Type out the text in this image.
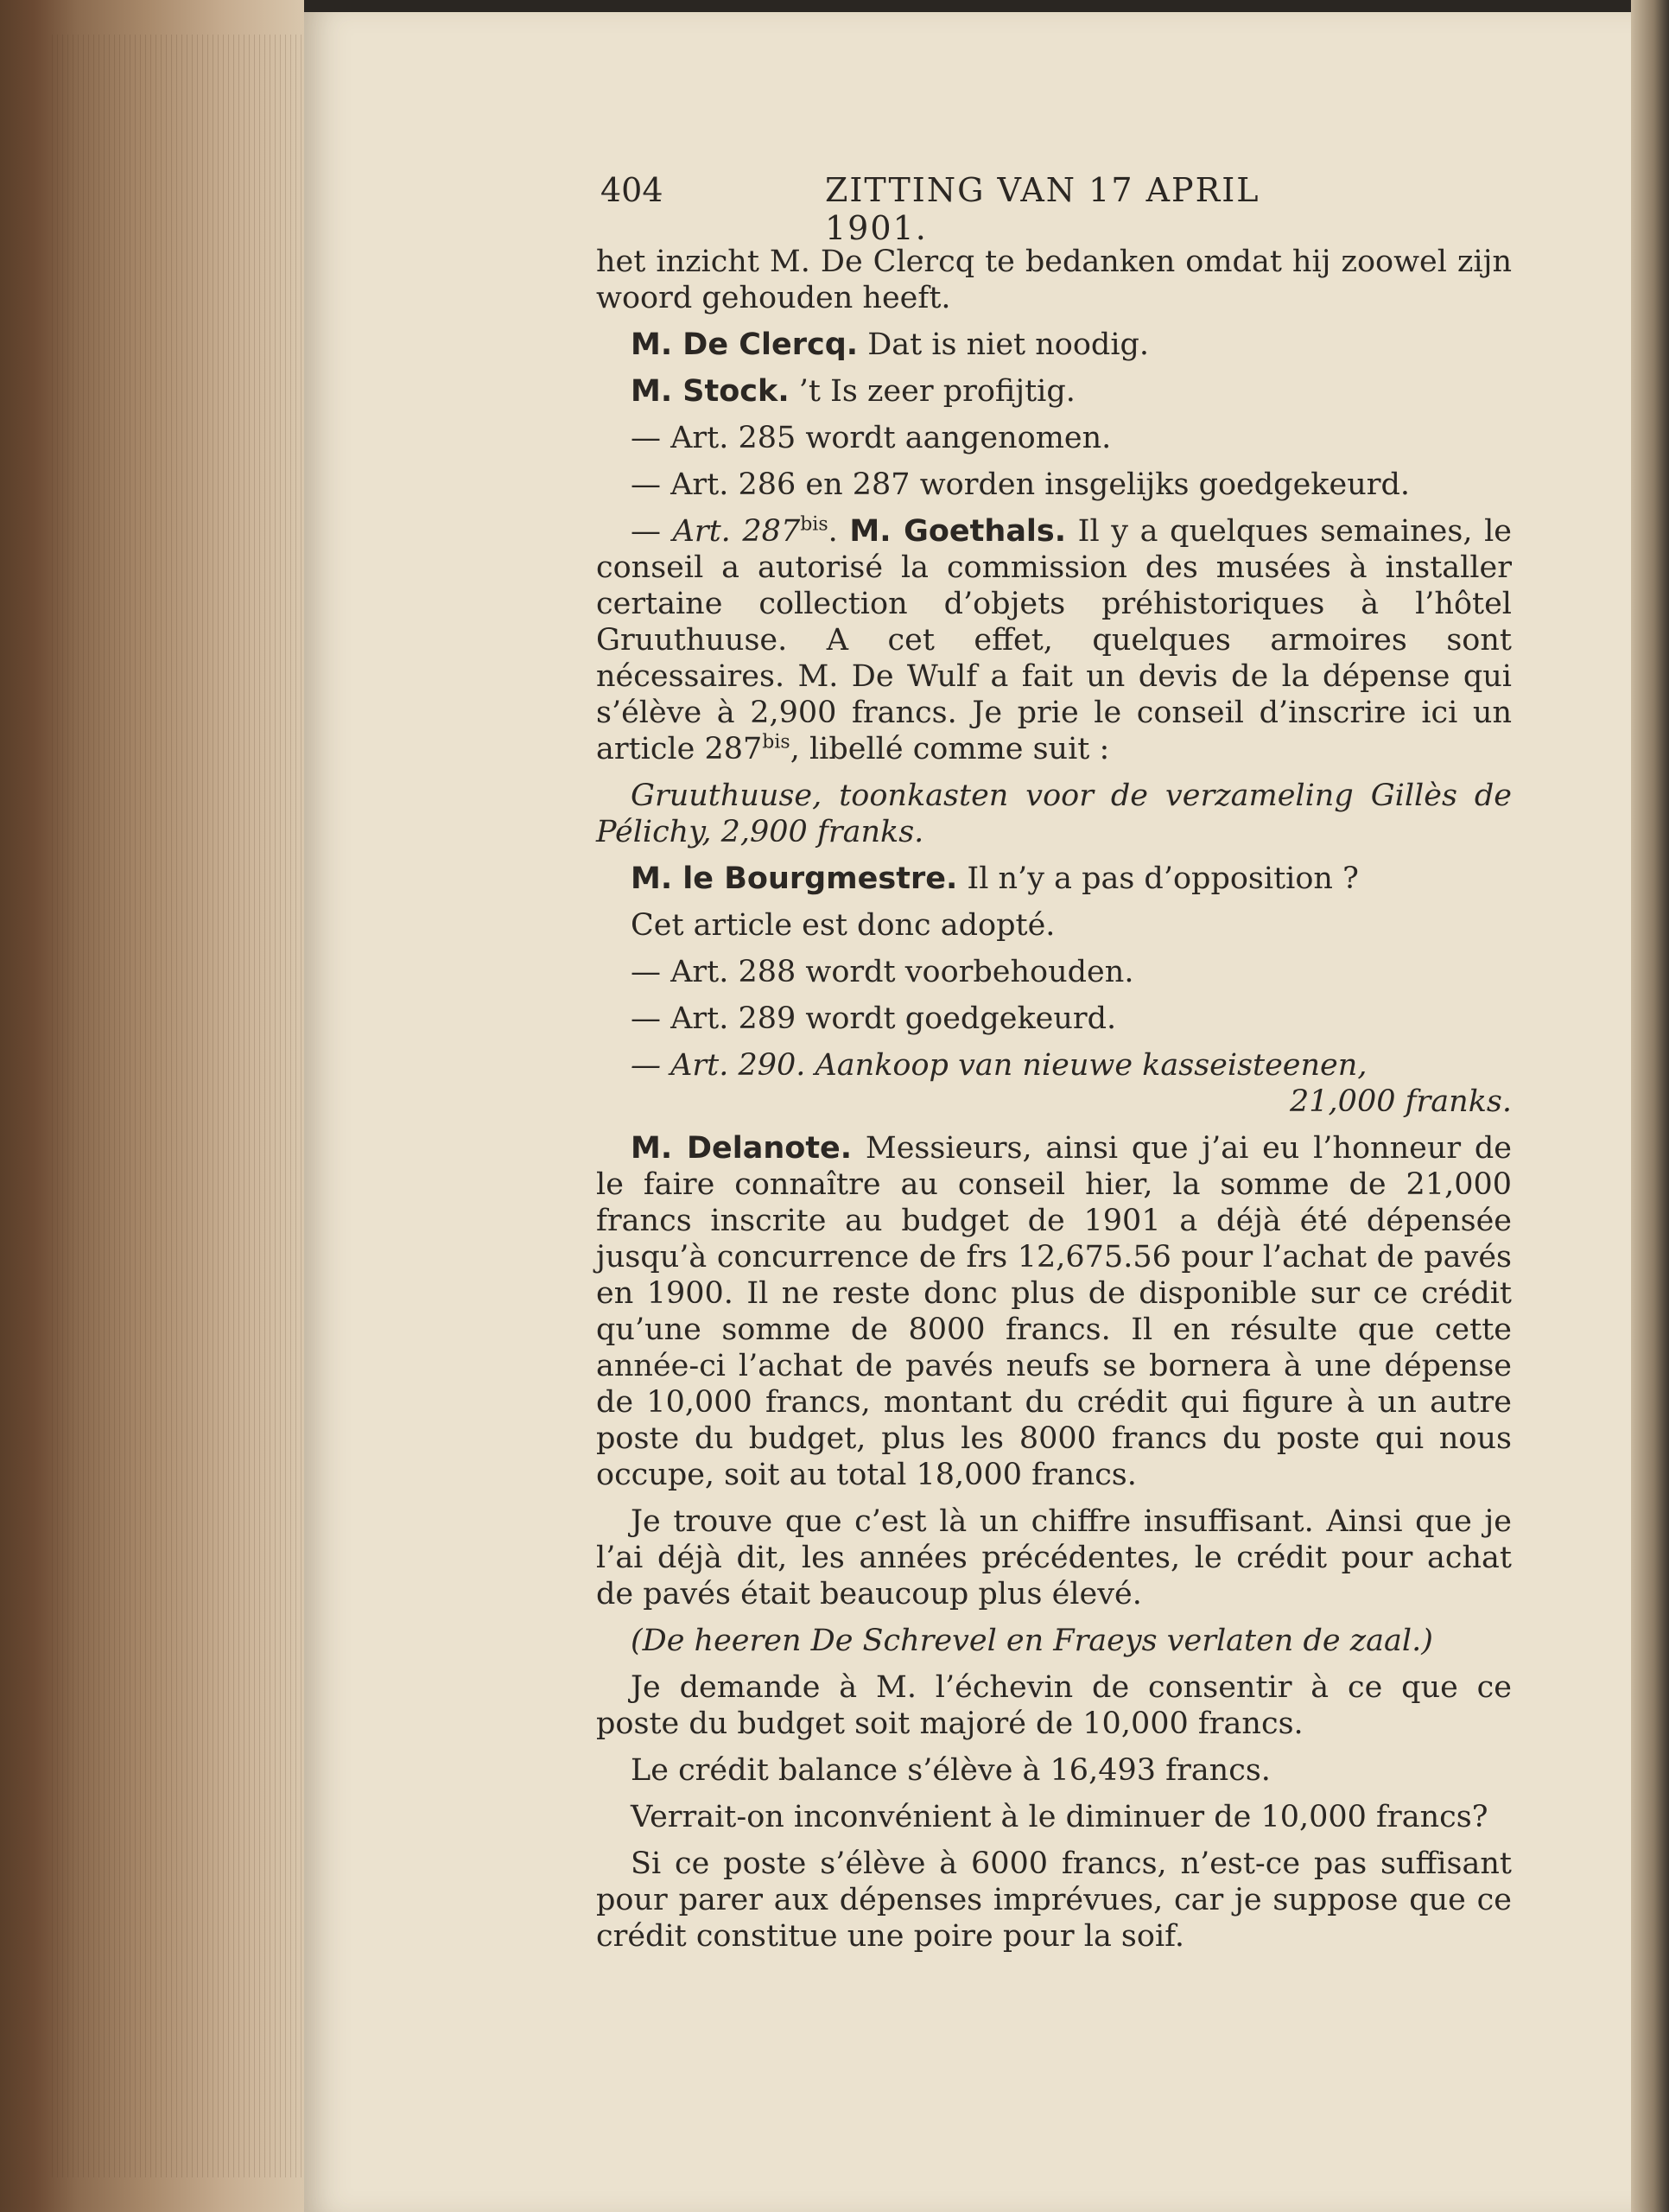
404	ZITTING VAN 17 APRIL 1901.

het inzicht M. De Clercq te bedanken omdat hij zoowel zijn woord gehouden heeft.

M. De Clercq. Dat is niet noodig.

M. Stock. ’t Is zeer profijtig.

— Art. 285 wordt aangenomen.

— Art. 286 en 287 worden insgelijks goedgekeurd.

— Art. $287^{bis}$. M. Goethals. Il y a quelques semaines, le conseil a autorisé la commission des musées à installer certaine collection d’objets préhistoriques à l’hôtel Gruuthuuse. A cet effet, quelques armoires sont nécessaires. M. De Wulf a fait un devis de la dépense qui s’élève à 2,900 francs. Je prie le conseil d’inscrire ici un article $287^{bis}$, libellé comme suit :

Gruuthuuse, toonkasten voor de verzameling Gillès de Pélichy, 2,900 franks.

M. le Bourgmestre. Il n’y a pas d’opposition ?

Cet article est donc adopté.

— Art. 288 wordt voorbehouden.

— Art. 289 wordt goedgekeurd.

— Art. 290. Aankoop van nieuwe kasseisteenen,

21,000 franks.

M. Delanote. Messieurs, ainsi que j’ai eu l’honneur de le faire connaître au conseil hier, la somme de 21,000 francs inscrite au budget de 1901 a déjà été dépensée jusqu’à concurrence de frs 12,675.56 pour l’achat de pavés en 1900. Il ne reste donc plus de disponible sur ce crédit qu’une somme de 8000 francs. Il en résulte que cette année-ci l’achat de pavés neufs se bornera à une dépense de 10,000 francs, montant du crédit qui figure à un autre poste du budget, plus les 8000 francs du poste qui nous occupe, soit au total 18,000 francs.

Je trouve que c’est là un chiffre insuffisant. Ainsi que je l’ai déjà dit, les années précédentes, le crédit pour achat de pavés était beaucoup plus élevé.

(De heeren De Schrevel en Fraeys verlaten de zaal.)

Je demande à M. l’échevin de consentir à ce que ce poste du budget soit majoré de 10,000 francs.

Le crédit balance s’élève à 16,493 francs.

Verrait-on inconvénient à le diminuer de 10,000 francs?

Si ce poste s’élève à 6000 francs, n’est-ce pas suffisant pour parer aux dépenses imprévues, car je suppose que ce crédit constitue une poire pour la soif.
